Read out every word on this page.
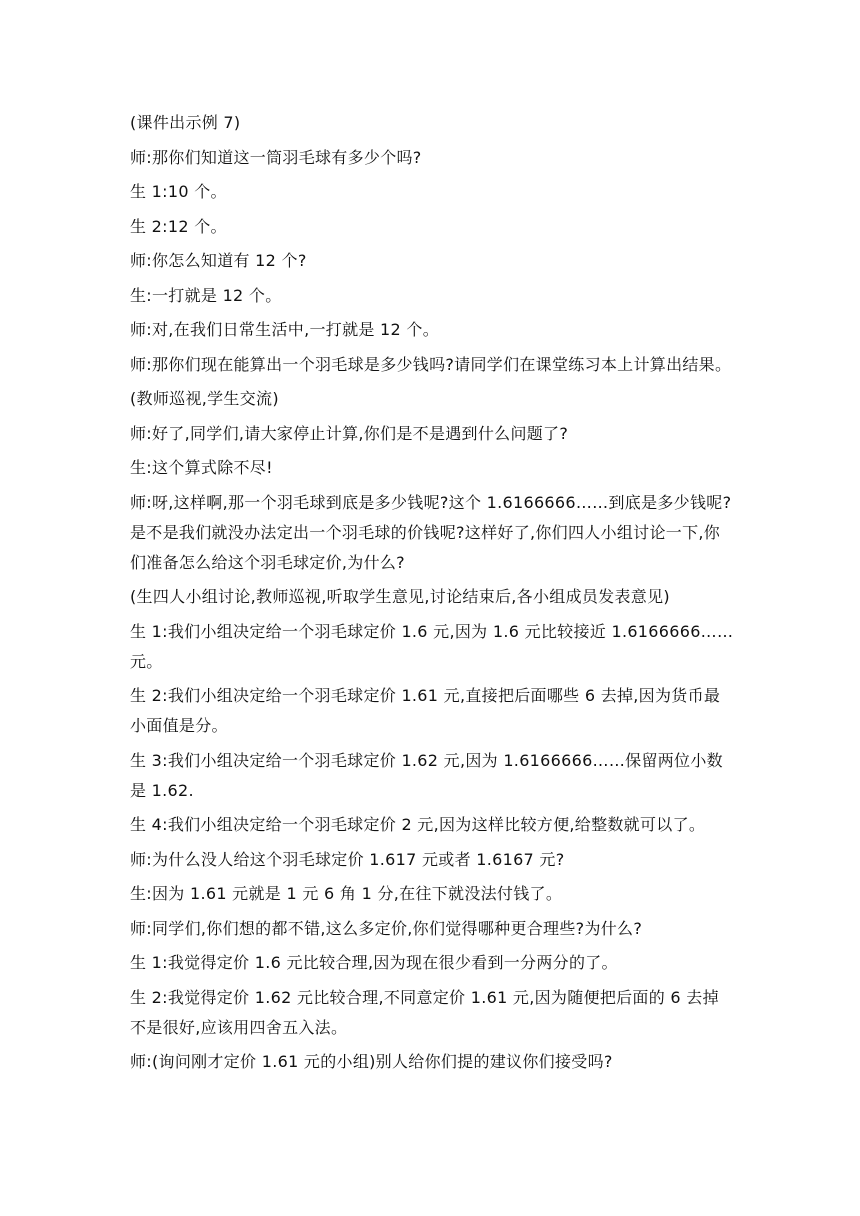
(课件出示例 7)

师:那你们知道这一筒羽毛球有多少个吗?

生 1:10 个。

生 2:12 个。

师:你怎么知道有 12 个?

生:一打就是 12 个。

师:对,在我们日常生活中,一打就是 12 个。

师:那你们现在能算出一个羽毛球是多少钱吗?请同学们在课堂练习本上计算出结果。

(教师巡视,学生交流)

师:好了,同学们,请大家停止计算,你们是不是遇到什么问题了?

生:这个算式除不尽!

师:呀,这样啊,那一个羽毛球到底是多少钱呢?这个 1.6166666……到底是多少钱呢?是不是我们就没办法定出一个羽毛球的价钱呢?这样好了,你们四人小组讨论一下,你们准备怎么给这个羽毛球定价,为什么?

(生四人小组讨论,教师巡视,听取学生意见,讨论结束后,各小组成员发表意见)

生 1:我们小组决定给一个羽毛球定价 1.6 元,因为 1.6 元比较接近 1.6166666……元。

生 2:我们小组决定给一个羽毛球定价 1.61 元,直接把后面哪些 6 去掉,因为货币最小面值是分。

生 3:我们小组决定给一个羽毛球定价 1.62 元,因为 1.6166666……保留两位小数是 1.62.

生 4:我们小组决定给一个羽毛球定价 2 元,因为这样比较方便,给整数就可以了。

师:为什么没人给这个羽毛球定价 1.617 元或者 1.6167 元?

生:因为 1.61 元就是 1 元 6 角 1 分,在往下就没法付钱了。

师:同学们,你们想的都不错,这么多定价,你们觉得哪种更合理些?为什么?

生 1:我觉得定价 1.6 元比较合理,因为现在很少看到一分两分的了。

生 2:我觉得定价 1.62 元比较合理,不同意定价 1.61 元,因为随便把后面的 6 去掉不是很好,应该用四舍五入法。

师:(询问刚才定价 1.61 元的小组)别人给你们提的建议你们接受吗?
